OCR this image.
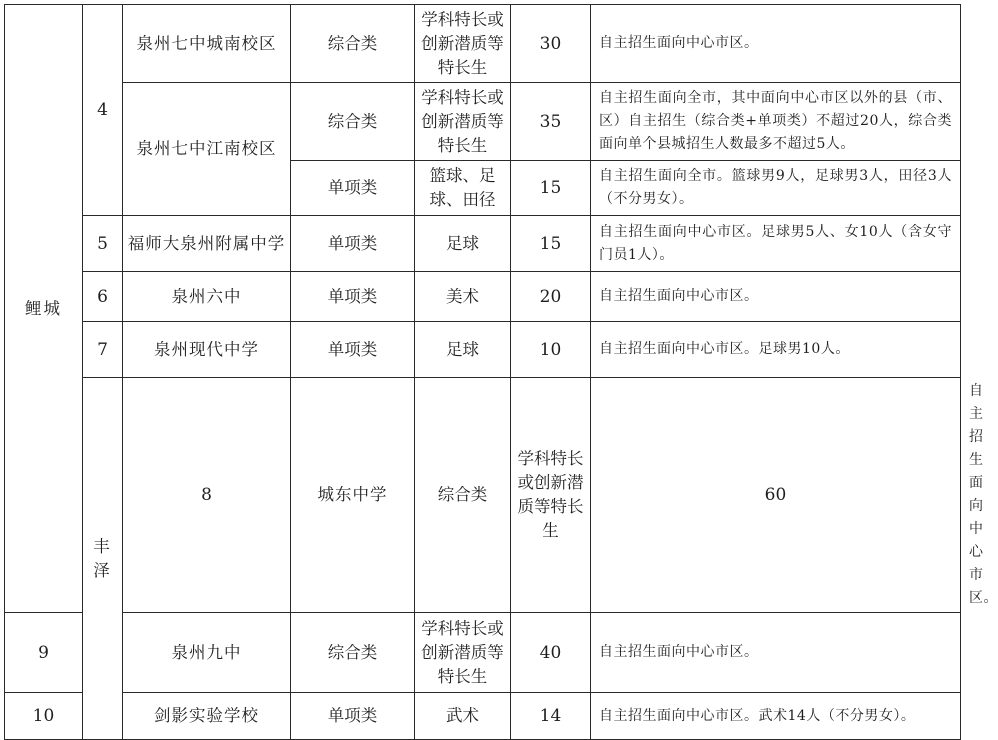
鲤城	4	泉州七中城南校区	综合类	学科特长或创新潜质等特长生	30	自主招生面向中心市区。	
		泉州七中江南校区	综合类	学科特长或创新潜质等特长生	35	自主招生面向全市，其中面向中心市区以外的县（市、区）自主招生（综合类+单项类）不超过20人，综合类面向单个县城招生人数最多不超过5人。	
			单项类	篮球、足球、田径	15	自主招生面向全市。篮球男9人，足球男3人，田径3人（不分男女）。	
	5	福师大泉州附属中学	单项类	足球	15	自主招生面向中心市区。足球男5人、女10人（含女守门员1人）。	
	6	泉州六中	单项类	美术	20	自主招生面向中心市区。	
	7	泉州现代中学	单项类	足球	10	自主招生面向中心市区。足球男10人。	
	丰泽	8	城东中学	综合类	学科特长或创新潜质等特长生	60	自主招生面向中心市区。
9		泉州九中	综合类	学科特长或创新潜质等特长生	40	自主招生面向中心市区。	
10		剑影实验学校	单项类	武术	14	自主招生面向中心市区。武术14人（不分男女）。	
